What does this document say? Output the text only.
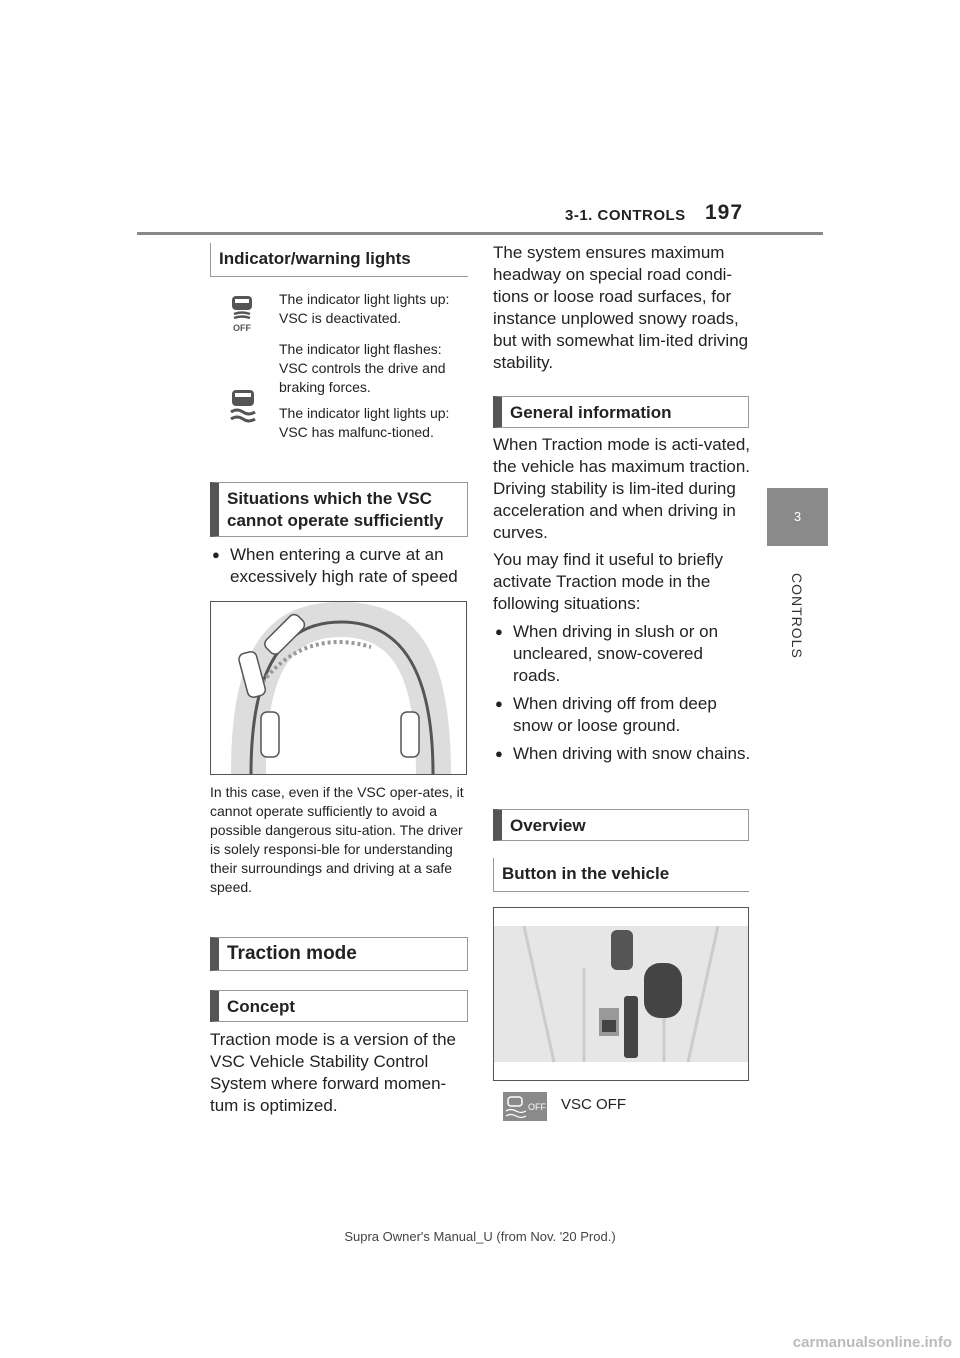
3-1. CONTROLS 197
3
CONTROLS
Indicator/warning lights
OFF
The indicator light lights up: VSC is deactivated.
The indicator light flashes: VSC controls the drive and braking forces.
The indicator light lights up: VSC has malfunc-tioned.
Situations which the VSC cannot operate sufficiently
● When entering a curve at an excessively high rate of speed
In this case, even if the VSC oper-ates, it cannot operate sufficiently to avoid a possible dangerous situ-ation. The driver is solely responsi-ble for understanding their surroundings and driving at a safe speed.
Traction mode
Concept
Traction mode is a version of the VSC Vehicle Stability Control System where forward momen-tum is optimized.
The system ensures maximum headway on special road condi-tions or loose road surfaces, for instance unplowed snowy roads, but with somewhat lim-ited driving stability.
General information
When Traction mode is acti-vated, the vehicle has maximum traction. Driving stability is lim-ited during acceleration and when driving in curves.
You may find it useful to briefly activate Traction mode in the following situations:
● When driving in slush or on uncleared, snow-covered roads.
● When driving off from deep snow or loose ground.
● When driving with snow chains.
Overview
Button in the vehicle
OFF VSC OFF
Supra Owner's Manual_U (from Nov. '20 Prod.)
carmanualsonline.info
